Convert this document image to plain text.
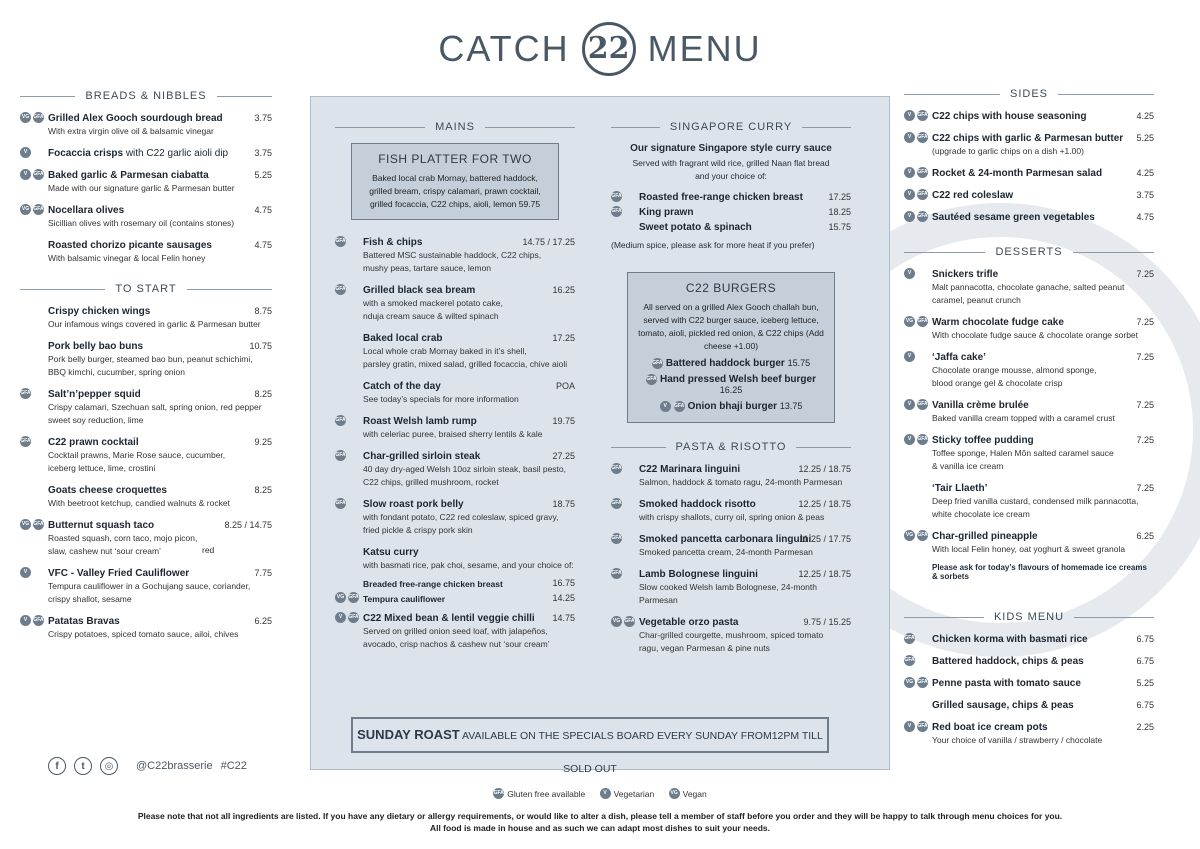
CATCH 22 MENU
BREADS & NIBBLES
VG GFA Grilled Alex Gooch sourdough bread	3.75
With extra virgin olive oil & balsamic vinegar
V	Focaccia crisps with C22 garlic aioli dip	3.75
V	GFA Baked garlic & Parmesan ciabatta	5.25
Made with our signature garlic & Parmesan butter
VG GFA Nocellara olives	4.75
Sicillian olives with rosemary oil (contains stones)
Roasted chorizo picante sausages	4.75
With balsamic vinegar & local Felin honey
TO START
Crispy chicken wings	8.75
Our infamous wings covered in garlic & Parmesan butter
Pork belly bao buns	10.75
Pork belly burger, steamed bao bun, peanut schichimi,
BBQ kimchi, cucumber, spring onion
GFA Salt’n’pepper squid	8.25
Crispy calamari, Szechuan salt, spring onion, red pepper
sweet soy reduction, lime
GFA C22 prawn cocktail	9.25
Cocktail prawns, Marie Rose sauce, cucumber,
iceberg lettuce, lime, crostini
Goats cheese croquettes	8.25
With beetroot ketchup, candied walnuts & rocket
VG GFA Butternut squash taco	8.25 / 14.75
Roasted squash, corn taco, mojo picon,
red
slaw, cashew nut ‘sour cream’
V	VFC - Valley Fried Cauliflower	7.75
Tempura cauliflower in a Gochujang sauce, coriander,
crispy shallot, sesame
V	GFA Patatas Bravas	6.25
Crispy potatoes, spiced tomato sauce, ailoi, chives
f	t	◎	@C22brasserie #C22
MAINS
FISH PLATTER FOR TWO
Baked local crab Mornay, battered haddock, grilled bream, crispy calamari, prawn cocktail, grilled focaccia, C22 chips, aioli, lemon 59.75
GFA Fish & chips	14.75 / 17.25
Battered MSC sustainable haddock, C22 chips,
mushy peas, tartare sauce, lemon
GFA Grilled black sea bream	16.25
with a smoked mackerel potato cake,
nduja cream sauce & wilted spinach
Baked local crab	17.25
Local whole crab Mornay baked in it’s shell,
parsley gratin, mixed salad, grilled focaccia, chive aioli
Catch of the day	POA
See today’s specials for more information
GFA Roast Welsh lamb rump	19.75
with celeriac puree, braised sherry lentils & kale
GFA Char-grilled sirloin steak	27.25
40 day dry-aged Welsh 10oz sirloin steak, basil pesto,
C22 chips, grilled mushroom, rocket
GFA Slow roast pork belly	18.75
with fondant potato, C22 red coleslaw, spiced gravy,
fried pickle & crispy pork skin
Katsu curry
with basmati rice, pak choi, sesame, and your choice of:
Breaded free-range chicken breast	16.75
VG GFA Tempura cauliflower	14.25
V	GFA C22 Mixed bean & lentil veggie chilli	14.75
Served on grilled onion seed loaf, with jalapeños,
avocado, crisp nachos & cashew nut ‘sour cream’
SINGAPORE CURRY
Our signature Singapore style curry sauce
Served with fragrant wild rice, grilled Naan flat bread and your choice of:
GFA Roasted free-range chicken breast	17.25
GFA King prawn	18.25
Sweet potato & spinach	15.75
(Medium spice, please ask for more heat if you prefer)
C22 BURGERS
All served on a grilled Alex Gooch challah bun, served with C22 burger sauce, iceberg lettuce, tomato, aioli, pickled red onion, & C22 chips (Add cheese +1.00)
GFA Battered haddock burger 15.75
GFA Hand pressed Welsh beef burger 16.25
V GFA Onion bhaji burger 13.75
PASTA & RISOTTO
GFA C22 Marinara linguini	12.25 / 18.75
Salmon, haddock & tomato ragu, 24-month Parmesan
GFA Smoked haddock risotto	12.25 / 18.75
with crispy shallots, curry oil, spring onion & peas
GFA Smoked pancetta carbonara linguini
11.25 / 17.75
Smoked pancetta cream, 24-month Parmesan
GFA Lamb Bolognese linguini	12.25 / 18.75
Slow cooked Welsh lamb Bolognese, 24-month Parmesan
VG GFA Vegetable orzo pasta	9.75 / 15.25
Char-grilled courgette, mushroom, spiced tomato
ragu, vegan Parmesan & pine nuts
SUNDAY ROAST AVAILABLE ON THE SPECIALS BOARD EVERY SUNDAY FROM12PM TILL SOLD OUT
SIDES
V	GFA C22 chips with house seasoning	4.25
V	GFA C22 chips with garlic & Parmesan butter	5.25
(upgrade to garlic chips on a dish +1.00)
V	GFA Rocket & 24-month Parmesan salad	4.25
V	GFA C22 red coleslaw	3.75
V	GFA Sautéed sesame green vegetables	4.75
DESSERTS
V	Snickers trifle	7.25
Malt pannacotta, chocolate ganache, salted peanut
caramel, peanut crunch
VG GFA Warm chocolate fudge cake	7.25
With chocolate fudge sauce & chocolate orange sorbet
V	‘Jaffa cake’	7.25
Chocolate orange mousse, almond sponge,
blood orange gel & chocolate crisp
V	GFA Vanilla crème brulée	7.25
Baked vanilla cream topped with a caramel crust
V	GFA Sticky toffee pudding	7.25
Toffee sponge, Halen Môn salted caramel sauce
& vanilla ice cream
‘Tair Llaeth’	7.25
Deep fried vanilla custard, condensed milk pannacotta,
white chocolate ice cream
VG GFA Char-grilled pineapple	6.25
With local Felin honey, oat yoghurt & sweet granola
Please ask for today’s flavours of homemade ice creams & sorbets
KIDS MENU
GFA Chicken korma with basmati rice	6.75
GFA Battered haddock, chips & peas	6.75
VG GFA Penne pasta with tomato sauce	5.25
Grilled sausage, chips & peas	6.75
V	GFA Red boat ice cream pots	2.25
Your choice of vanilla / strawberry / chocolate
GFA Gluten free available
	V Vegetarian
	VG Vegan
Please note that not all ingredients are listed. If you have any dietary or allergy requirements, or would like to alter a dish, please tell a member of staff before you order and they will be happy to talk through menu choices for you.
All food is made in house and as such we can adapt most dishes to suit your needs.
